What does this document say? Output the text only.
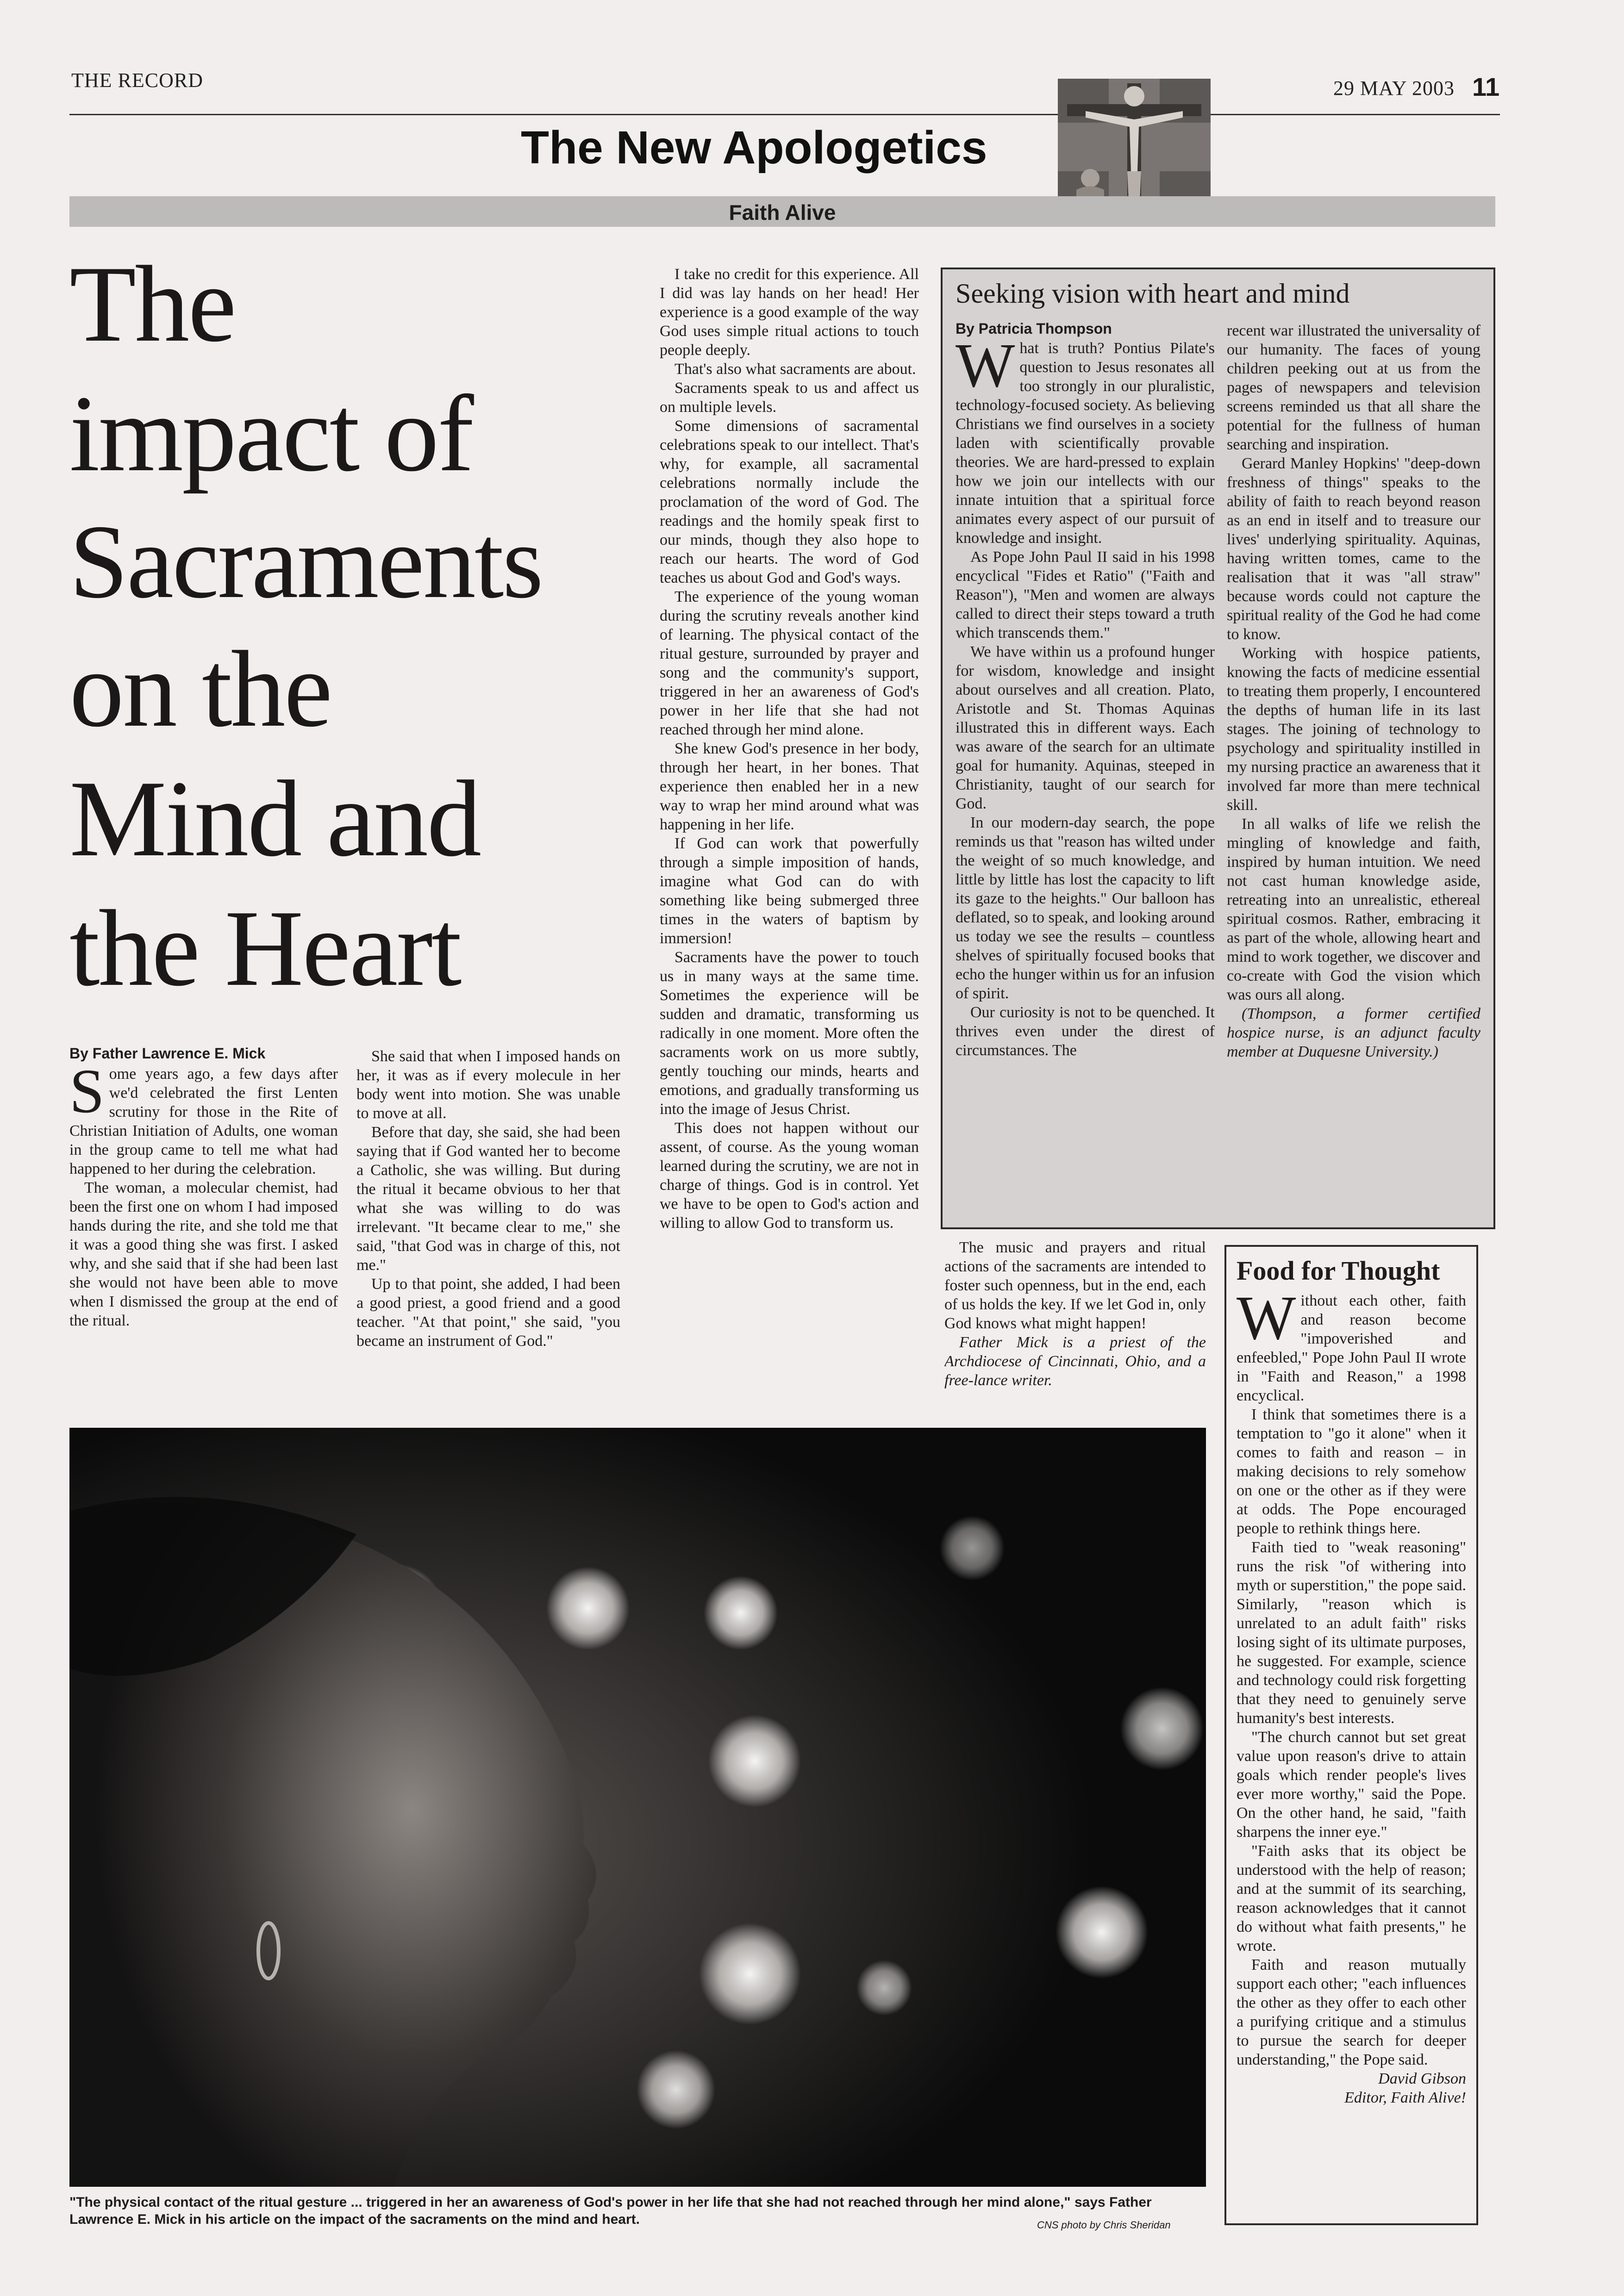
THE RECORD	29 MAY 2003 11
The New Apologetics
Faith Alive
The
impact of
Sacraments
on the
Mind and
the Heart
By Father Lawrence E. Mick

Some years ago, a few days after we'd celebrated the first Lenten scrutiny for those in the Rite of Christian Initiation of Adults, one woman in the group came to tell me what had happened to her during the celebration.

The woman, a molecular chemist, had been the first one on whom I had imposed hands during the rite, and she told me that it was a good thing she was first. I asked why, and she said that if she had been last she would not have been able to move when I dismissed the group at the end of the ritual.

She said that when I imposed hands on her, it was as if every molecule in her body went into motion. She was unable to move at all.

Before that day, she said, she had been saying that if God wanted her to become a Catholic, she was willing. But during the ritual it became obvious to her that what she was willing to do was irrelevant. "It became clear to me," she said, "that God was in charge of this, not me."

Up to that point, she added, I had been a good priest, a good friend and a good teacher. "At that point," she said, "you became an instrument of God."

I take no credit for this experience. All I did was lay hands on her head! Her experience is a good example of the way God uses simple ritual actions to touch people deeply.

That's also what sacraments are about.

Sacraments speak to us and affect us on multiple levels.

Some dimensions of sacramental celebrations speak to our intellect. That's why, for example, all sacramental celebrations normally include the proclamation of the word of God. The readings and the homily speak first to our minds, though they also hope to reach our hearts. The word of God teaches us about God and God's ways.

The experience of the young woman during the scrutiny reveals another kind of learning. The physical contact of the ritual gesture, surrounded by prayer and song and the community's support, triggered in her an awareness of God's power in her life that she had not reached through her mind alone.

She knew God's presence in her body, through her heart, in her bones. That experience then enabled her in a new way to wrap her mind around what was happening in her life.

If God can work that powerfully through a simple imposition of hands, imagine what God can do with something like being submerged three times in the waters of baptism by immersion!

Sacraments have the power to touch us in many ways at the same time. Sometimes the experience will be sudden and dramatic, transforming us radically in one moment. More often the sacraments work on us more subtly, gently touching our minds, hearts and emotions, and gradually transforming us into the image of Jesus Christ.

This does not happen without our assent, of course. As the young woman learned during the scrutiny, we are not in charge of things. God is in control. Yet we have to be open to God's action and willing to allow God to transform us.

Seeking vision with heart and mind
By Patricia Thompson

What is truth? Pontius Pilate's question to Jesus resonates all too strongly in our pluralistic, technology-focused society. As believing Christians we find ourselves in a society laden with scientifically provable theories. We are hard-pressed to explain how we join our intellects with our innate intuition that a spiritual force animates every aspect of our pursuit of knowledge and insight.

As Pope John Paul II said in his 1998 encyclical "Fides et Ratio" ("Faith and Reason"), "Men and women are always called to direct their steps toward a truth which transcends them."

We have within us a profound hunger for wisdom, knowledge and insight about ourselves and all creation. Plato, Aristotle and St. Thomas Aquinas illustrated this in different ways. Each was aware of the search for an ultimate goal for humanity. Aquinas, steeped in Christianity, taught of our search for God.

In our modern-day search, the pope reminds us that "reason has wilted under the weight of so much knowledge, and little by little has lost the capacity to lift its gaze to the heights." Our balloon has deflated, so to speak, and looking around us today we see the results – countless shelves of spiritually focused books that echo the hunger within us for an infusion of spirit.

Our curiosity is not to be quenched. It thrives even under the direst of circumstances. The

recent war illustrated the universality of our humanity. The faces of young children peeking out at us from the pages of newspapers and television screens reminded us that all share the potential for the fullness of human searching and inspiration.

Gerard Manley Hopkins' "deep-down freshness of things" speaks to the ability of faith to reach beyond reason as an end in itself and to treasure our lives' underlying spirituality. Aquinas, having written tomes, came to the realisation that it was "all straw" because words could not capture the spiritual reality of the God he had come to know.

Working with hospice patients, knowing the facts of medicine essential to treating them properly, I encountered the depths of human life in its last stages. The joining of technology to psychology and spirituality instilled in my nursing practice an awareness that it involved far more than mere technical skill.

In all walks of life we relish the mingling of knowledge and faith, inspired by human intuition. We need not cast human knowledge aside, retreating into an unrealistic, ethereal spiritual cosmos. Rather, embracing it as part of the whole, allowing heart and mind to work together, we discover and co-create with God the vision which was ours all along.

(Thompson, a former certified hospice nurse, is an adjunct faculty member at Duquesne University.)

The music and prayers and ritual actions of the sacraments are intended to foster such openness, but in the end, each of us holds the key. If we let God in, only God knows what might happen!

Father Mick is a priest of the Archdiocese of Cincinnati, Ohio, and a free-lance writer.

Food for Thought

Without each other, faith and reason become "impoverished and enfeebled," Pope John Paul II wrote in "Faith and Reason," a 1998 encyclical.

I think that sometimes there is a temptation to "go it alone" when it comes to faith and reason – in making decisions to rely somehow on one or the other as if they were at odds. The Pope encouraged people to rethink things here.

Faith tied to "weak reasoning" runs the risk "of withering into myth or superstition," the pope said. Similarly, "reason which is unrelated to an adult faith" risks losing sight of its ultimate purposes, he suggested. For example, science and technology could risk forgetting that they need to genuinely serve humanity's best interests.

"The church cannot but set great value upon reason's drive to attain goals which render people's lives ever more worthy," said the Pope. On the other hand, he said, "faith sharpens the inner eye."

"Faith asks that its object be understood with the help of reason; and at the summit of its searching, reason acknowledges that it cannot do without what faith presents," he wrote.

Faith and reason mutually support each other; "each influences the other as they offer to each other a purifying critique and a stimulus to pursue the search for deeper understanding," the Pope said.

David Gibson

Editor, Faith Alive!

"The physical contact of the ritual gesture ... triggered in her an awareness of God's power in her life that she had not reached through her mind alone," says Father Lawrence E. Mick in his article on the impact of the sacraments on the mind and heart.	CNS photo by Chris Sheridan
